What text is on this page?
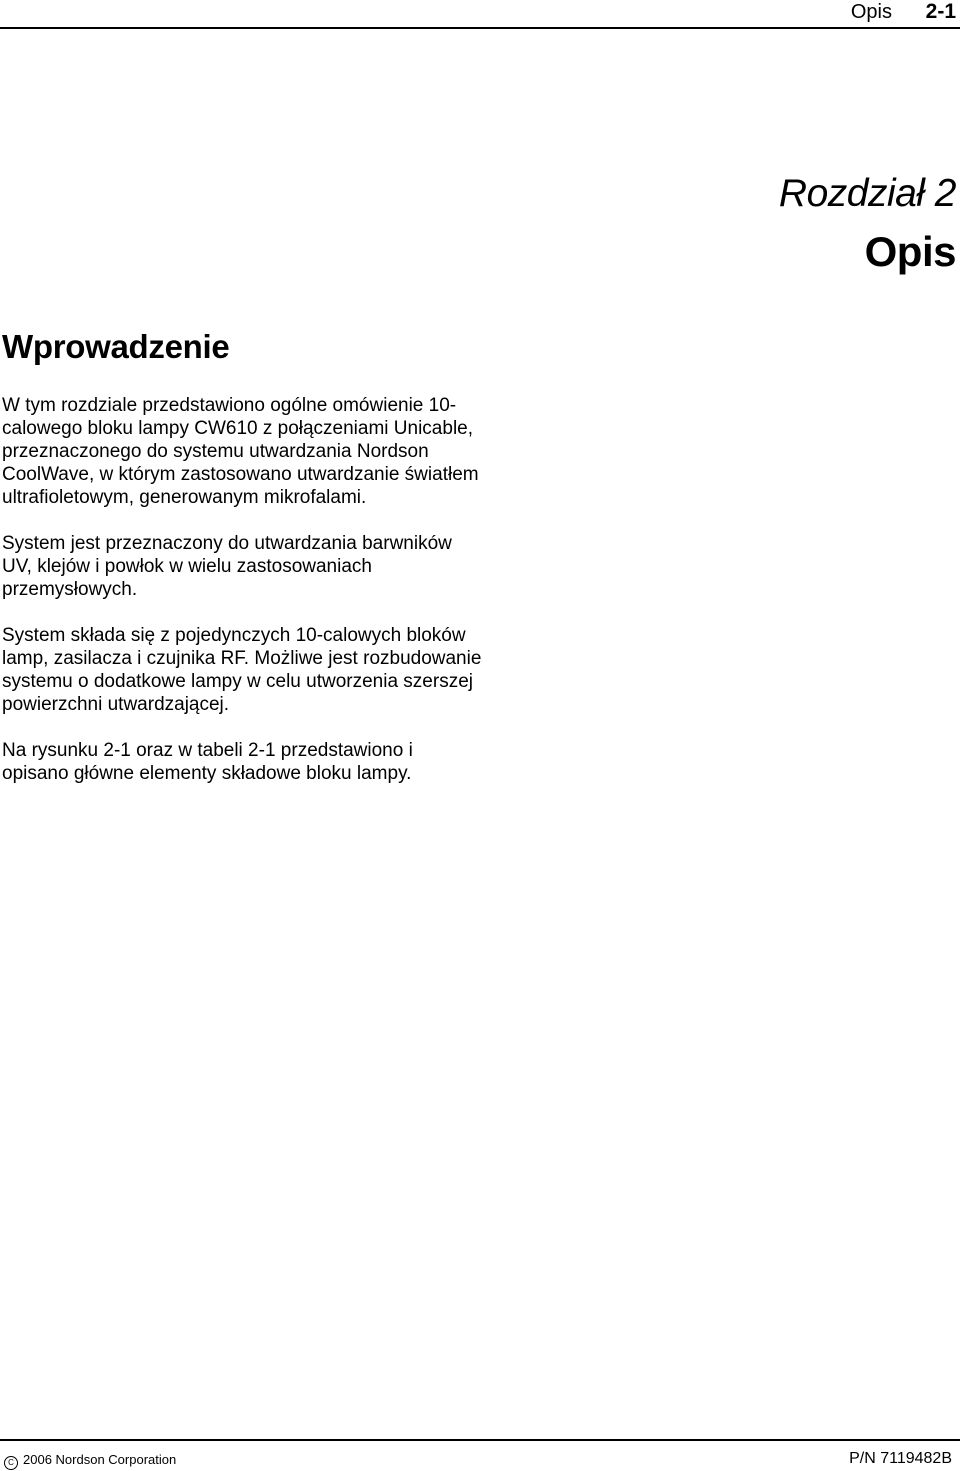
Opis 2-1
Rozdział 2
Opis
Wprowadzenie

W tym rozdziale przedstawiono ogólne omówienie 10-calowego bloku lampy CW610 z połączeniami Unicable, przeznaczonego do systemu utwardzania Nordson CoolWave, w którym zastosowano utwardzanie światłem ultrafioletowym, generowanym mikrofalami.

System jest przeznaczony do utwardzania barwników UV, klejów i powłok w wielu zastosowaniach przemysłowych.

System składa się z pojedynczych 10-calowych bloków lamp, zasilacza i czujnika RF. Możliwe jest rozbudowanie systemu o dodatkowe lampy w celu utworzenia szerszej powierzchni utwardzającej.

Na rysunku 2-1 oraz w tabeli 2-1 przedstawiono i opisano główne elementy składowe bloku lampy.

C 2006 Nordson Corporation	P/N 7119482B
